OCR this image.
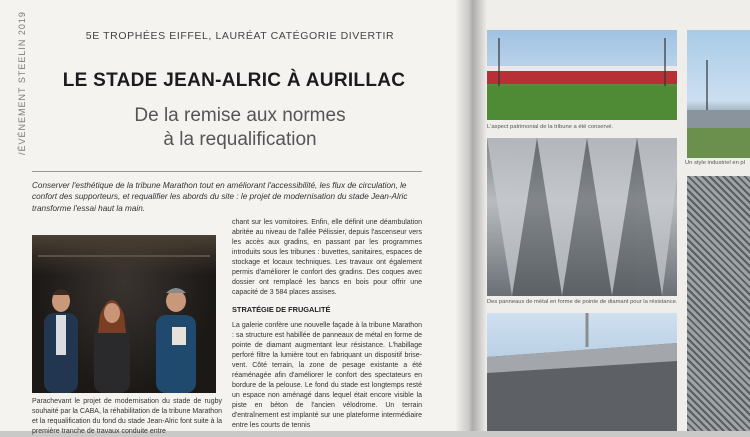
/ÉVÉNEMENT STEELIN 2019	5E TROPHÉES EIFFEL, LAURÉAT CATÉGORIE DIVERTIR
LE STADE JEAN-ALRIC À AURILLAC
De la remise aux normes
à la requalification
Conserver l'esthétique de la tribune Marathon tout en améliorant l'accessibilité, les flux de circulation, le confort des supporteurs, et requalifier les abords du site : le projet de modernisation du stade Jean-Alric transforme l'essai haut la main.
Parachevant le projet de modernisation du stade de rugby souhaité par la CABA, la réhabilitation de la tribune Marathon et la requalification du fond du stade Jean-Alric font suite à la première tranche de travaux conduite entre
chant sur les vomitoires. Enfin, elle définit une déambulation abritée au niveau de l'allée Pélissier, depuis l'ascenseur vers les accès aux gradins, en passant par les programmes introduits sous les tribunes : buvettes, sanitaires, espaces de stockage et locaux techniques. Les travaux ont également permis d'améliorer le confort des gradins. Des coques avec dossier ont remplacé les bancs en bois pour offrir une capacité de 3 584 places assises.
STRATÉGIE DE FRUGALITÉ
La galerie confère une nouvelle façade à la tribune Marathon : sa structure est habillée de panneaux de métal en forme de pointe de diamant augmentant leur résistance. L'habillage perforé filtre la lumière tout en fabriquant un dispositif brise-vent. Côté terrain, la zone de pesage existante a été réaménagée afin d'améliorer le confort des spectateurs en bordure de la pelouse. Le fond du stade est longtemps resté un espace non aménagé dans lequel était encore visible la piste en béton de l'ancien vélodrome. Un terrain d'entraînement est implanté sur une plateforme intermédiaire entre les courts de tennis
L'aspect patrimonial de la tribune a été conservé.
Des panneaux de métal en forme de pointe de diamant pour la résistance.
Un style industriel en pl
